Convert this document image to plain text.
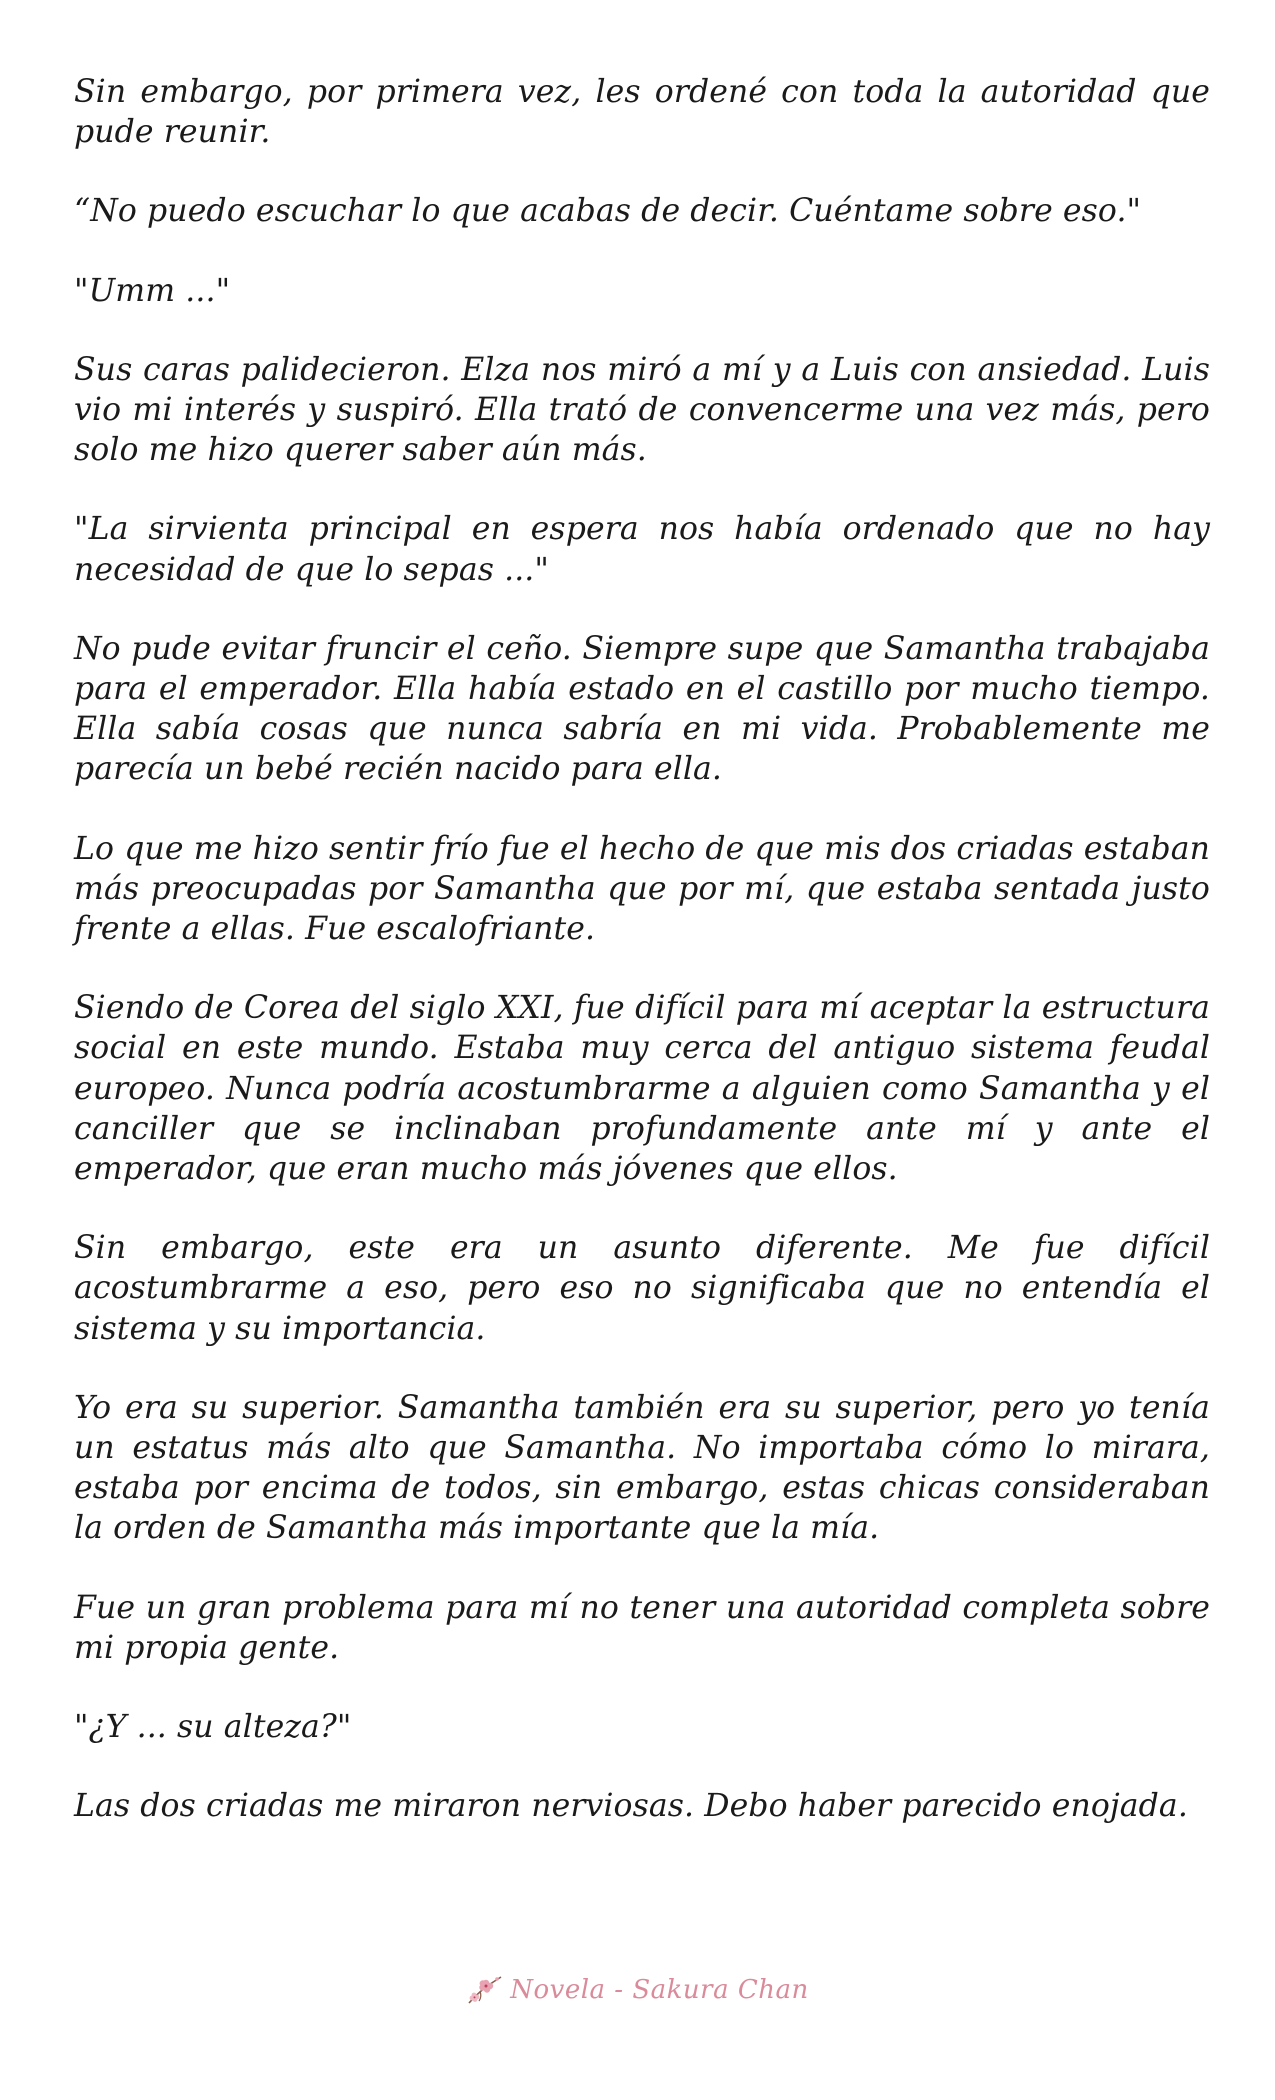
Sin embargo, por primera vez, les ordené con toda la autoridad que pude reunir.

“No puedo escuchar lo que acabas de decir. Cuéntame sobre eso."

"Umm ..."

Sus caras palidecieron. Elza nos miró a mí y a Luis con ansiedad. Luis vio mi interés y suspiró. Ella trató de convencerme una vez más, pero solo me hizo querer saber aún más.

"La sirvienta principal en espera nos había ordenado que no hay necesidad de que lo sepas ..."

No pude evitar fruncir el ceño. Siempre supe que Samantha trabajaba para el emperador. Ella había estado en el castillo por mucho tiempo. Ella sabía cosas que nunca sabría en mi vida. Probablemente me parecía un bebé recién nacido para ella.

Lo que me hizo sentir frío fue el hecho de que mis dos criadas estaban más preocupadas por Samantha que por mí, que estaba sentada justo frente a ellas. Fue escalofriante.

Siendo de Corea del siglo XXI, fue difícil para mí aceptar la estructura social en este mundo. Estaba muy cerca del antiguo sistema feudal europeo. Nunca podría acostumbrarme a alguien como Samantha y el canciller que se inclinaban profundamente ante mí y ante el emperador, que eran mucho más jóvenes que ellos.

Sin embargo, este era un asunto diferente. Me fue difícil acostumbrarme a eso, pero eso no significaba que no entendía el sistema y su importancia.

Yo era su superior. Samantha también era su superior, pero yo tenía un estatus más alto que Samantha. No importaba cómo lo mirara, estaba por encima de todos, sin embargo, estas chicas consideraban la orden de Samantha más importante que la mía.

Fue un gran problema para mí no tener una autoridad completa sobre mi propia gente.

"¿Y ... su alteza?"

Las dos criadas me miraron nerviosas. Debo haber parecido enojada.

Novela - Sakura Chan
